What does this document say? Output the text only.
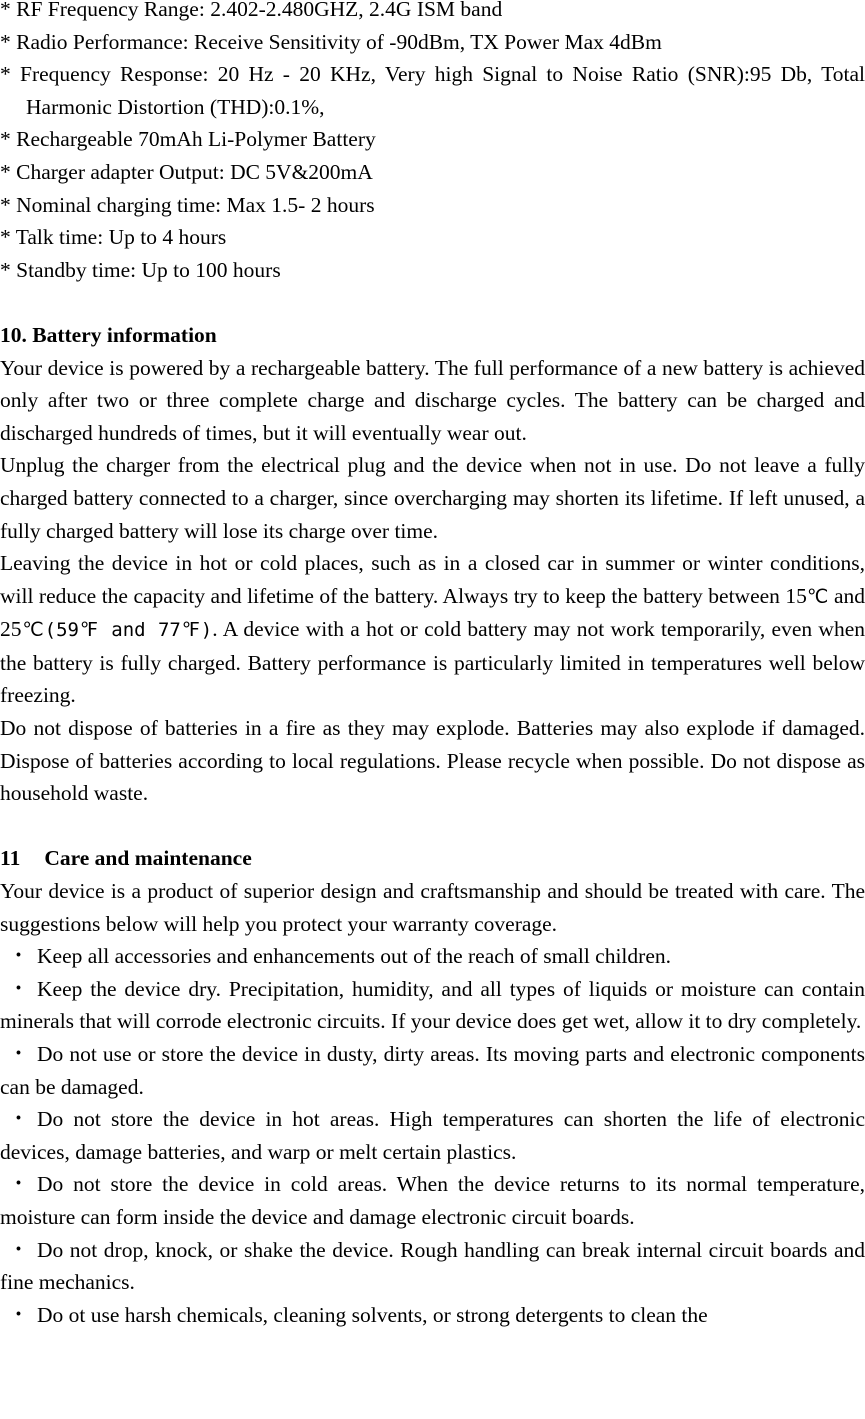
* RF Frequency Range: 2.402-2.480GHZ, 2.4G ISM band

* Radio Performance: Receive Sensitivity of -90dBm, TX Power Max 4dBm

* Frequency Response: 20 Hz - 20 KHz, Very high Signal to Noise Ratio (SNR):95 Db, Total Harmonic Distortion (THD):0.1%,

* Rechargeable 70mAh Li-Polymer Battery

* Charger adapter Output: DC 5V&200mA

* Nominal charging time: Max 1.5- 2 hours

* Talk time: Up to 4 hours

* Standby time: Up to 100 hours

10. Battery information

Your device is powered by a rechargeable battery. The full performance of a new battery is achieved only after two or three complete charge and discharge cycles. The battery can be charged and discharged hundreds of times, but it will eventually wear out.

Unplug the charger from the electrical plug and the device when not in use. Do not leave a fully charged battery connected to a charger, since overcharging may shorten its lifetime. If left unused, a fully charged battery will lose its charge over time.

Leaving the device in hot or cold places, such as in a closed car in summer or winter conditions, will reduce the capacity and lifetime of the battery. Always try to keep the battery between 15℃ and 25℃(59℉ and 77℉). A device with a hot or cold battery may not work temporarily, even when the battery is fully charged. Battery performance is particularly limited in temperatures well below freezing.

Do not dispose of batteries in a fire as they may explode. Batteries may also explode if damaged. Dispose of batteries according to local regulations. Please recycle when possible. Do not dispose as household waste.

11 Care and maintenance

Your device is a product of superior design and craftsmanship and should be treated with care. The suggestions below will help you protect your warranty coverage.

・ Keep all accessories and enhancements out of the reach of small children.

・ Keep the device dry. Precipitation, humidity, and all types of liquids or moisture can contain minerals that will corrode electronic circuits. If your device does get wet, allow it to dry completely.

・ Do not use or store the device in dusty, dirty areas. Its moving parts and electronic components can be damaged.

・ Do not store the device in hot areas. High temperatures can shorten the life of electronic devices, damage batteries, and warp or melt certain plastics.

・ Do not store the device in cold areas. When the device returns to its normal temperature, moisture can form inside the device and damage electronic circuit boards.

・ Do not drop, knock, or shake the device. Rough handling can break internal circuit boards and fine mechanics.

・ Do ot use harsh chemicals, cleaning solvents, or strong detergents to clean the
